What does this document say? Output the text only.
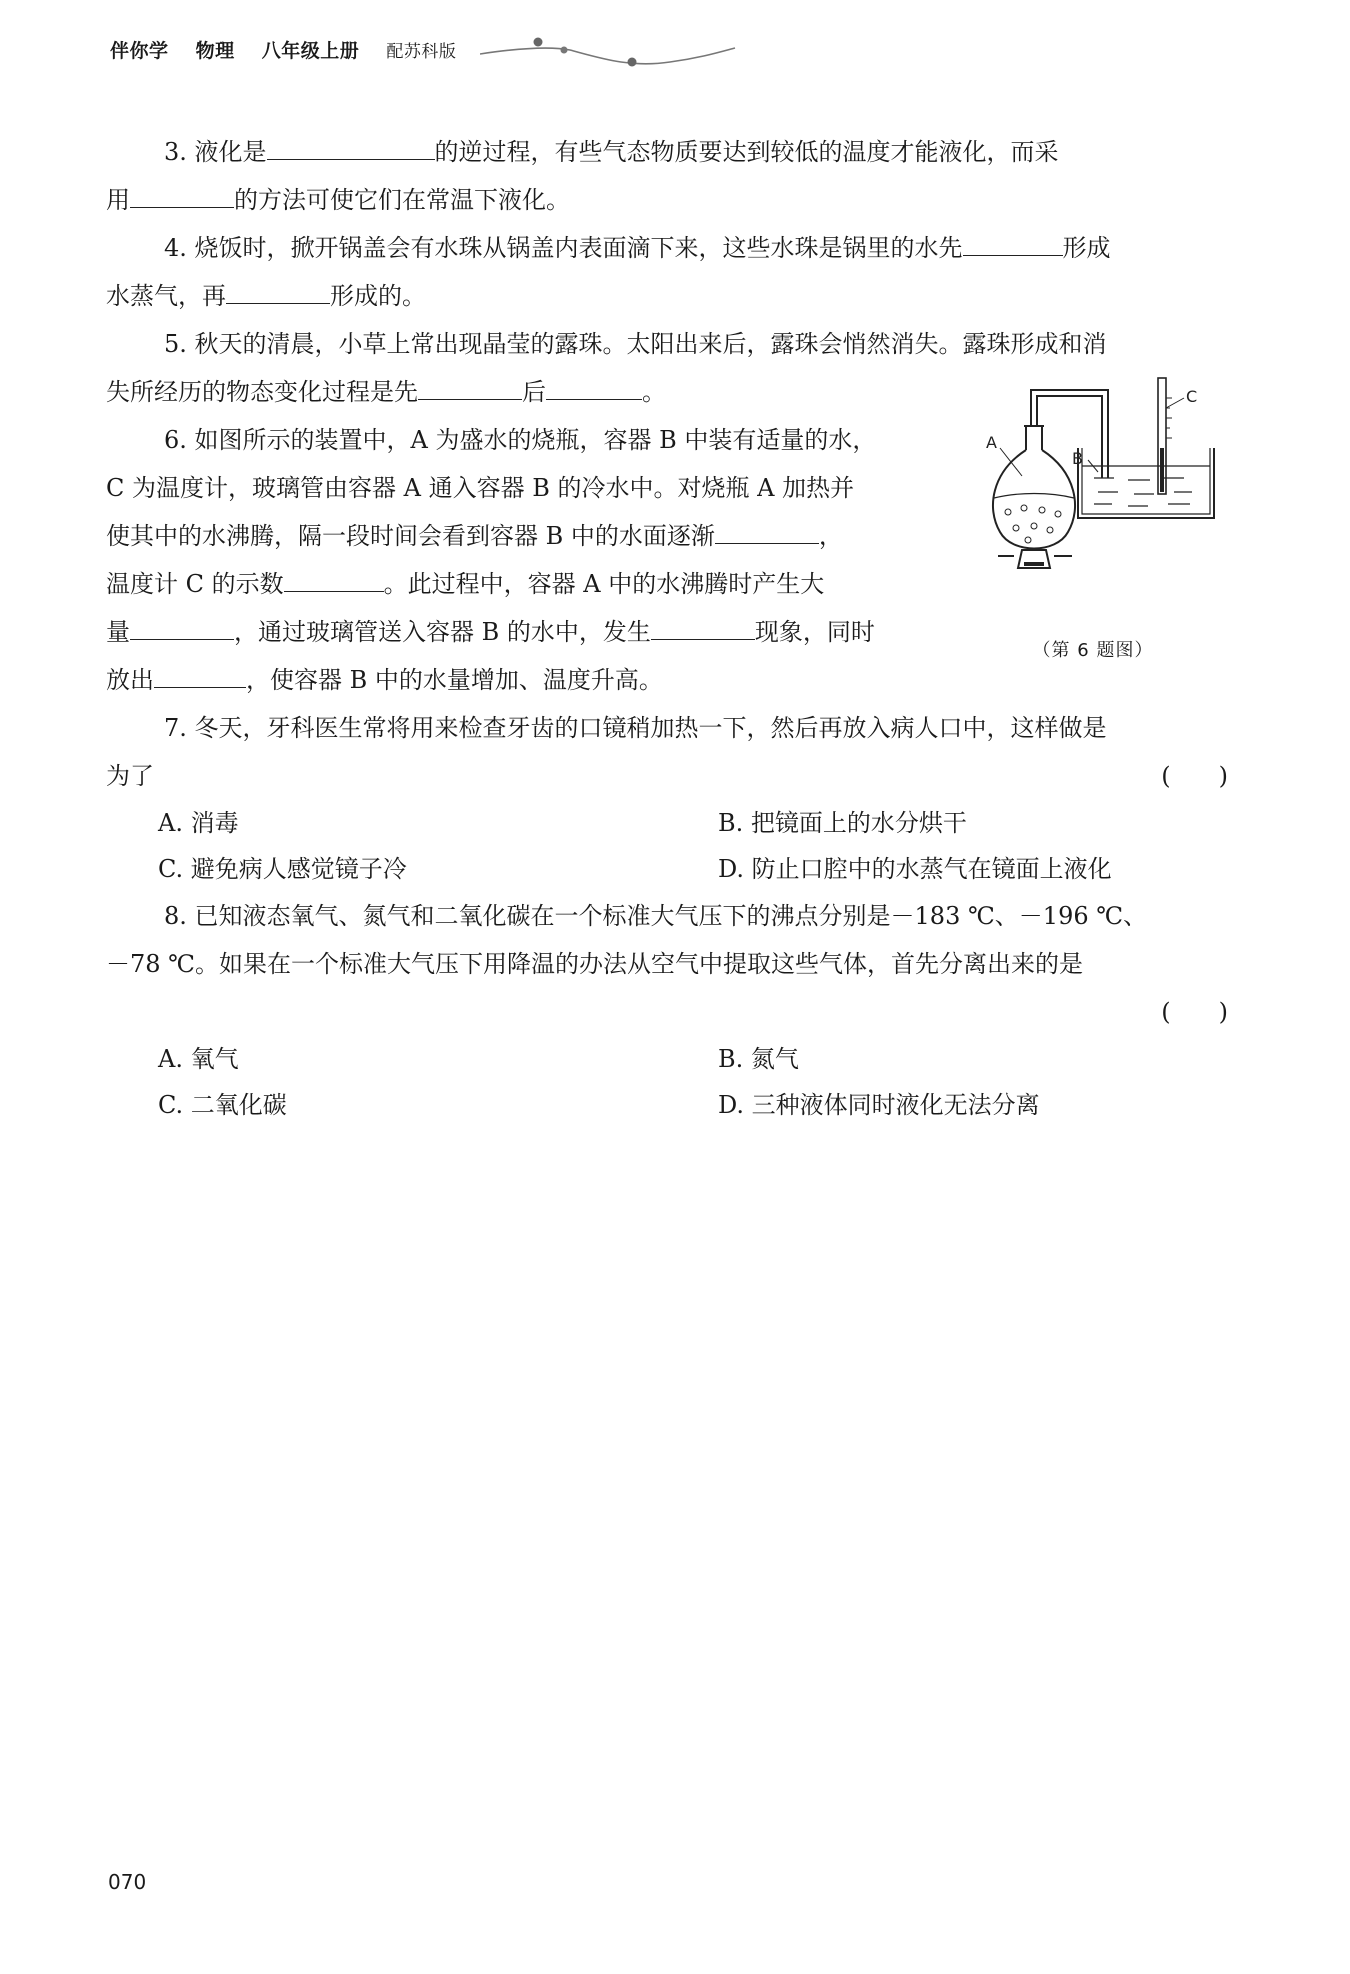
伴你学 物理 八年级上册 配苏科版

3. 液化是	的逆过程，有些气态物质要达到较低的温度才能液化，而采

用	的方法可使它们在常温下液化。

4. 烧饭时，掀开锅盖会有水珠从锅盖内表面滴下来，这些水珠是锅里的水先	形成

水蒸气，再	形成的。

5. 秋天的清晨，小草上常出现晶莹的露珠。太阳出来后，露珠会悄然消失。露珠形成和消

失所经历的物态变化过程是先	后	。

6. 如图所示的装置中，A 为盛水的烧瓶，容器 B 中装有适量的水，

C 为温度计，玻璃管由容器 A 通入容器 B 的冷水中。对烧瓶 A 加热并

使其中的水沸腾，隔一段时间会看到容器 B 中的水面逐渐	，

温度计 C 的示数	。此过程中，容器 A 中的水沸腾时产生大

量	，通过玻璃管送入容器 B 的水中，发生	现象，同时

放出	，使容器 B 中的水量增加、温度升高。

7. 冬天，牙科医生常将用来检查牙齿的口镜稍加热一下，然后再放入病人口中，这样做是

为了	(　　)
A. 消毒	B. 把镜面上的水分烘干
C. 避免病人感觉镜子冷	D. 防止口腔中的水蒸气在镜面上液化

8. 已知液态氧气、氮气和二氧化碳在一个标准大气压下的沸点分别是－183 ℃、－196 ℃、

－78 ℃。如果在一个标准大气压下用降温的办法从空气中提取这些气体，首先分离出来的是

(　　)
A. 氧气	B. 氮气
C. 二氧化碳	D. 三种液体同时液化无法分离
A
B
C
（第 6 题图）
070
